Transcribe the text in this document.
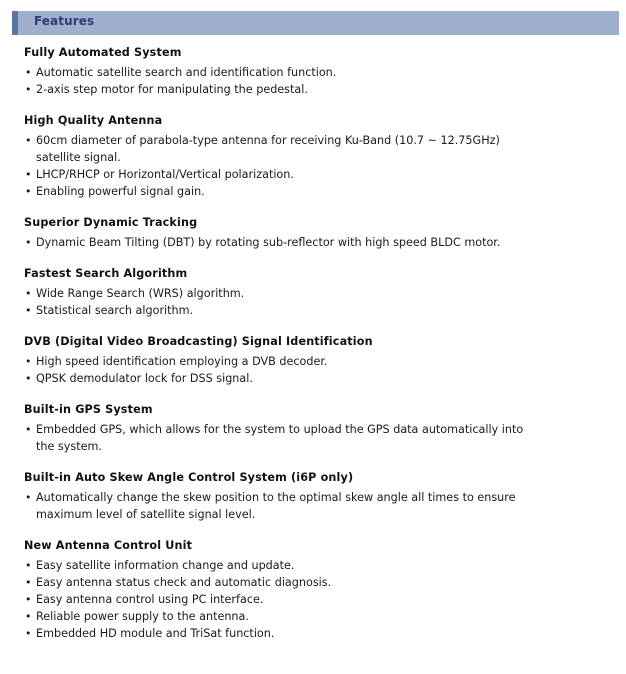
Features
Fully Automated System
• Automatic satellite search and identification function.
• 2-axis step motor for manipulating the pedestal.
High Quality Antenna
• 60cm diameter of parabola-type antenna for receiving Ku-Band (10.7 ~ 12.75GHz) satellite signal.
• LHCP/RHCP or Horizontal/Vertical polarization.
• Enabling powerful signal gain.
Superior Dynamic Tracking
• Dynamic Beam Tilting (DBT) by rotating sub-reflector with high speed BLDC motor.
Fastest Search Algorithm
• Wide Range Search (WRS) algorithm.
• Statistical search algorithm.
DVB (Digital Video Broadcasting) Signal Identification
• High speed identification employing a DVB decoder.
• QPSK demodulator lock for DSS signal.
Built-in GPS System
• Embedded GPS, which allows for the system to upload the GPS data automatically into the system.
Built-in Auto Skew Angle Control System (i6P only)
• Automatically change the skew position to the optimal skew angle all times to ensure maximum level of satellite signal level.
New Antenna Control Unit
• Easy satellite information change and update.
• Easy antenna status check and automatic diagnosis.
• Easy antenna control using PC interface.
• Reliable power supply to the antenna.
• Embedded HD module and TriSat function.
